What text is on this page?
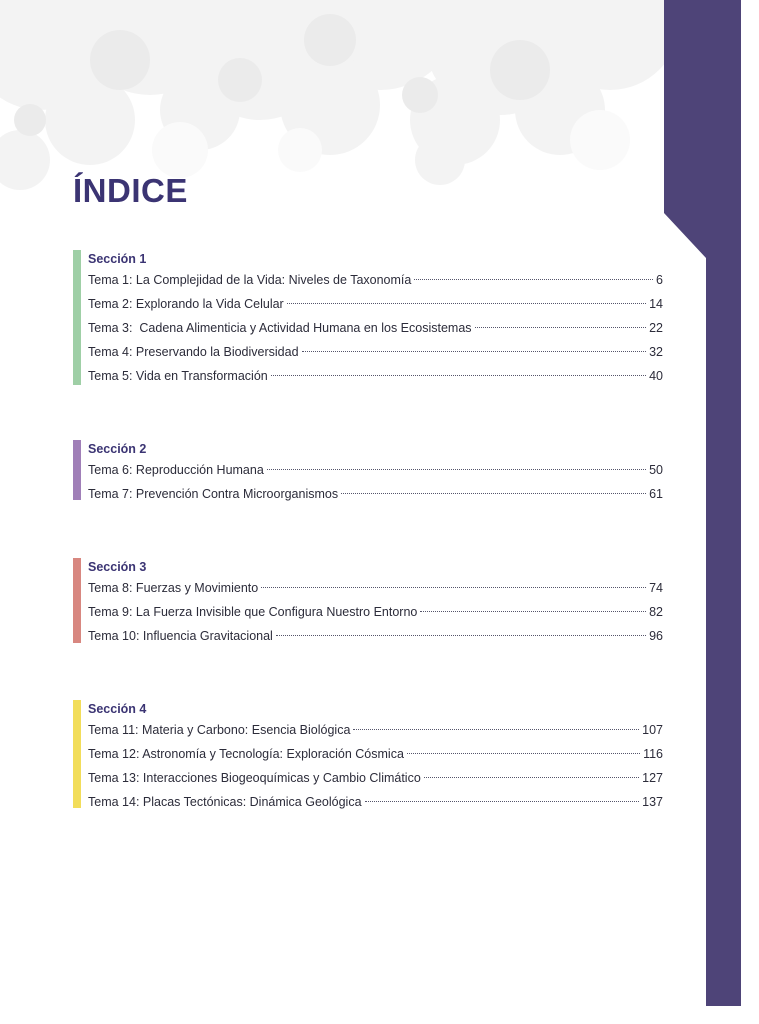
ÍNDICE
Sección 1
Tema 1: La Complejidad de la Vida: Niveles de Taxonomía	6
Tema 2: Explorando la Vida Celular	14
Tema 3:  Cadena Alimenticia y Actividad Humana en los Ecosistemas	22
Tema 4: Preservando la Biodiversidad	32
Tema 5: Vida en Transformación	40
Sección 2
Tema 6: Reproducción Humana	50
Tema 7: Prevención Contra Microorganismos	61
Sección 3
Tema 8: Fuerzas y Movimiento	74
Tema 9: La Fuerza Invisible que Configura Nuestro Entorno	82
Tema 10: Influencia Gravitacional	96
Sección 4
Tema 11: Materia y Carbono: Esencia Biológica	107
Tema 12: Astronomía y Tecnología: Exploración Cósmica	116
Tema 13: Interacciones Biogeoquímicas y Cambio Climático	127
Tema 14: Placas Tectónicas: Dinámica Geológica	137
